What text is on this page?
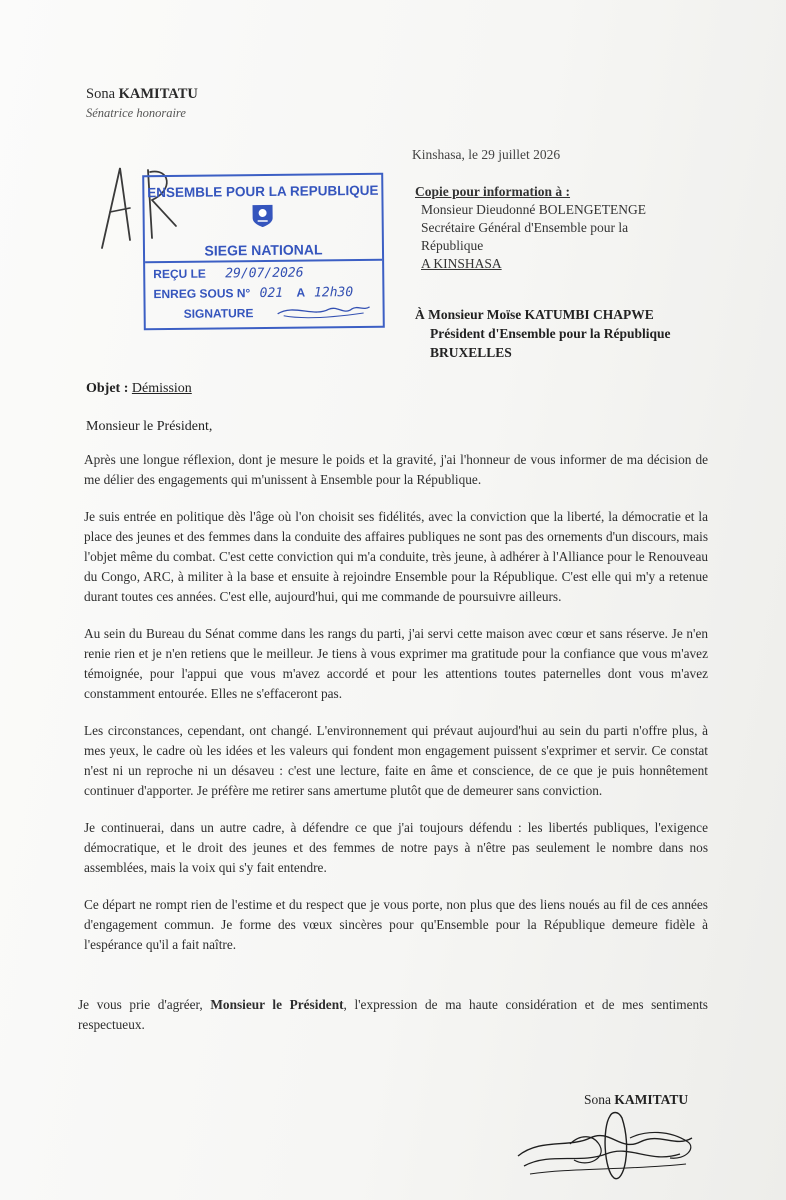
Sona KAMITATU
Sénatrice honoraire
ENSEMBLE POUR LA REPUBLIQUE
SIEGE NATIONAL
REÇU LE 29/07/2026
ENREG SOUS N° 021 A 12h30
SIGNATURE
Kinshasa, le 29 juillet 2026
Copie pour information à :
Monsieur Dieudonné BOLENGETENGE
Secrétaire Général d'Ensemble pour la
République
A KINSHASA
À Monsieur Moïse KATUMBI CHAPWE
Président d'Ensemble pour la République
BRUXELLES
Objet : Démission
Monsieur le Président,

Après une longue réflexion, dont je mesure le poids et la gravité, j'ai l'honneur de vous informer de ma décision de me délier des engagements qui m'unissent à Ensemble pour la République.

Je suis entrée en politique dès l'âge où l'on choisit ses fidélités, avec la conviction que la liberté, la démocratie et la place des jeunes et des femmes dans la conduite des affaires publiques ne sont pas des ornements d'un discours, mais l'objet même du combat. C'est cette conviction qui m'a conduite, très jeune, à adhérer à l'Alliance pour le Renouveau du Congo, ARC, à militer à la base et ensuite à rejoindre Ensemble pour la République. C'est elle qui m'y a retenue durant toutes ces années. C'est elle, aujourd'hui, qui me commande de poursuivre ailleurs.

Au sein du Bureau du Sénat comme dans les rangs du parti, j'ai servi cette maison avec cœur et sans réserve. Je n'en renie rien et je n'en retiens que le meilleur. Je tiens à vous exprimer ma gratitude pour la confiance que vous m'avez témoignée, pour l'appui que vous m'avez accordé et pour les attentions toutes paternelles dont vous m'avez constamment entourée. Elles ne s'effaceront pas.

Les circonstances, cependant, ont changé. L'environnement qui prévaut aujourd'hui au sein du parti n'offre plus, à mes yeux, le cadre où les idées et les valeurs qui fondent mon engagement puissent s'exprimer et servir. Ce constat n'est ni un reproche ni un désaveu : c'est une lecture, faite en âme et conscience, de ce que je puis honnêtement continuer d'apporter. Je préfère me retirer sans amertume plutôt que de demeurer sans conviction.

Je continuerai, dans un autre cadre, à défendre ce que j'ai toujours défendu : les libertés publiques, l'exigence démocratique, et le droit des jeunes et des femmes de notre pays à n'être pas seulement le nombre dans nos assemblées, mais la voix qui s'y fait entendre.

Ce départ ne rompt rien de l'estime et du respect que je vous porte, non plus que des liens noués au fil de ces années d'engagement commun. Je forme des vœux sincères pour qu'Ensemble pour la République demeure fidèle à l'espérance qu'il a fait naître.

Je vous prie d'agréer, Monsieur le Président, l'expression de ma haute considération et de mes sentiments respectueux.
Sona KAMITATU
